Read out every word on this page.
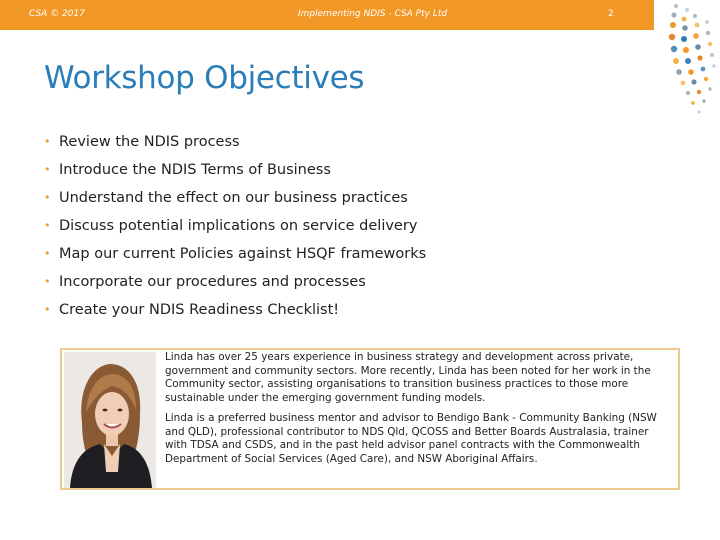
CSA © 2017	Implementing NDIS - CSA Pty Ltd	2
Workshop Objectives
• Review the NDIS process
• Introduce the NDIS Terms of Business
• Understand the effect on our business practices
• Discuss potential implications on service delivery
• Map our current Policies against HSQF frameworks
• Incorporate our procedures and processes
• Create your NDIS Readiness Checklist!

Linda has over 25 years experience in business strategy and development across private, government and community sectors. More recently, Linda has been noted for her work in the Community sector, assisting organisations to transition business practices to those more sustainable under the emerging government funding models.

Linda is a preferred business mentor and advisor to Bendigo Bank - Community Banking (NSW and QLD), professional contributor to NDS Qld, QCOSS and Better Boards Australasia, trainer with TDSA and CSDS, and in the past held advisor panel contracts with the Commonwealth Department of Social Services (Aged Care), and NSW Aboriginal Affairs.
